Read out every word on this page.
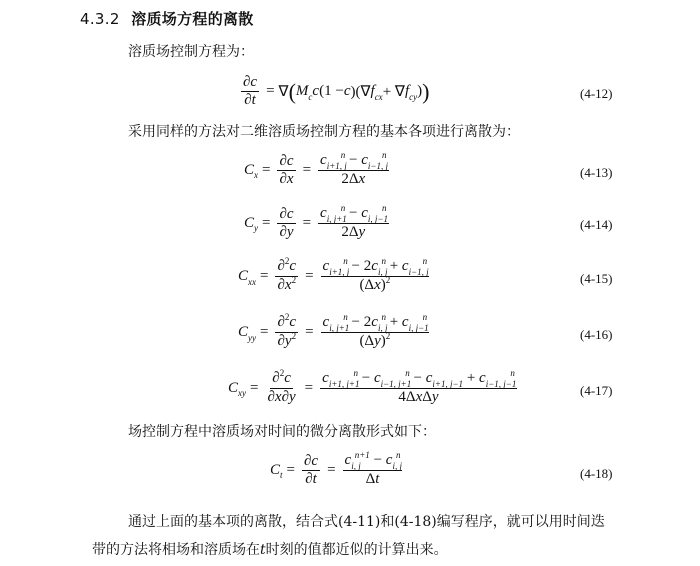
4.3.2 溶质场方程的离散
溶质场控制方程为：
$\frac{\partial c}{\partial t}$ = ∇ ( M c c (1 − c )(∇ f cx + ∇ f cy ) )	(4-12)
采用同样的方法对二维溶质场控制方程的基本各项进行离散为：
C $x = \frac{\partial c}{\partial x} = \frac{c_{i+1, j}^n - c_{i-1, j}^n}{2\Delta x}$	(4-13)
C $y = \frac{\partial c}{\partial y} = \frac{c_{i, j+1}^n - c_{i, j-1}^n}{2\Delta y}$	(4-14)
C xx = $\frac{\partial^2c}{\partial x^2} = \frac{c_{i+1, j}^n - 2c_{i, j}^n + c_{i-1, j}^n}{(\Delta x)^2}$	(4-15)
C yy = $\frac{\partial^2c}{\partial y^2} = \frac{c_{i, j+1}^n - 2c_{i, j}^n + c_{i, j-1}^n}{(\Delta y)^2}$	(4-16)
C xy = $\frac{\partial^2c}{\partial x\partial y} = \frac{c_{i+1, j+1}^n - c_{i-1, j+1}^n - c_{i+1, j-1} + c_{i-1, j-1}^n}{\text{4ΔxΔy}}$	(4-17)
场控制方程中溶质场对时间的微分离散形式如下：
C $t = \frac{\partial c}{\partial t} = \frac{c_{i, j}^{n+1} - c_{i, j}^n}{\Delta t}$	(4-18)
通过上面的基本项的离散，结合式(4-11)和(4-18)编写程序，就可以用时间迭
带的方法将相场和溶质场在t时刻的值都近似的计算出来。
